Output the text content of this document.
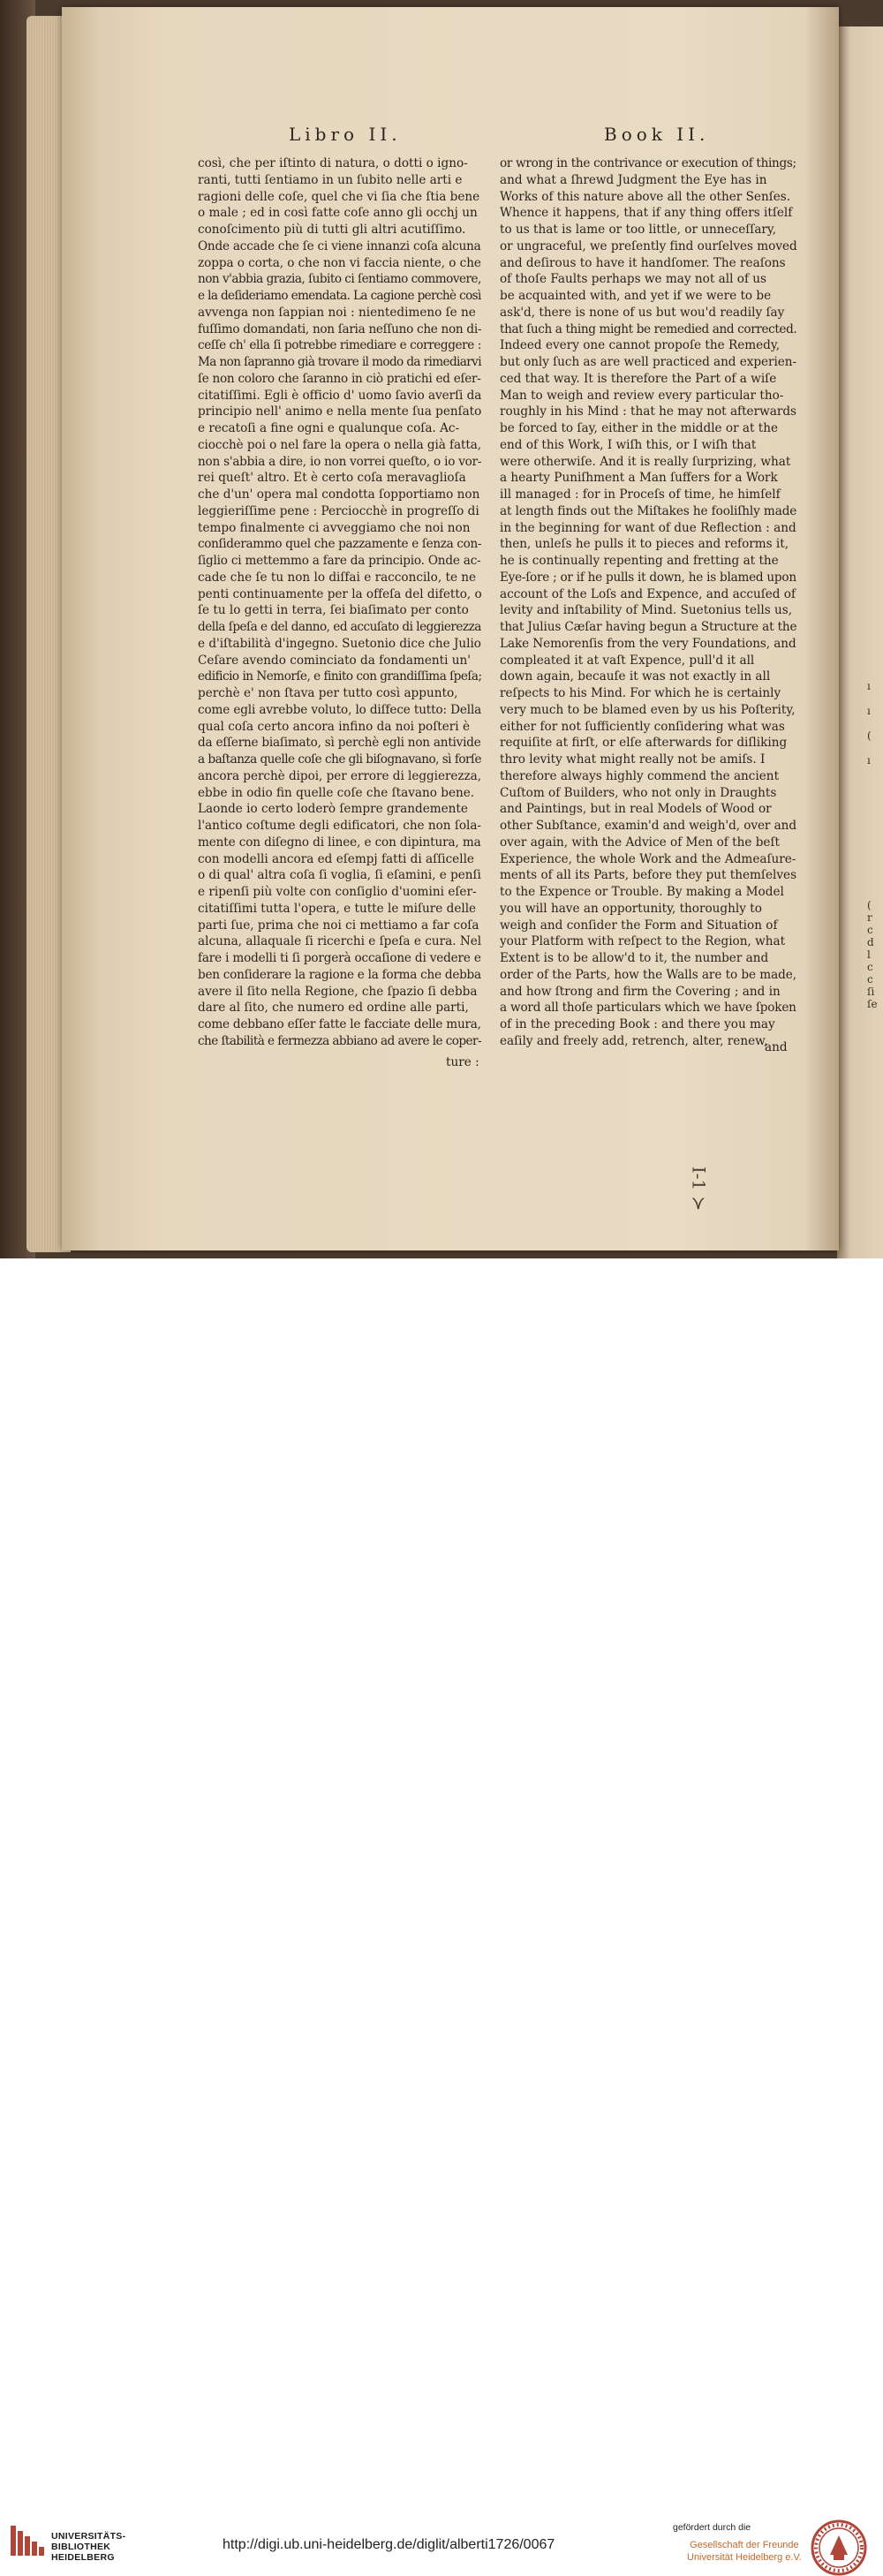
Libro II.	Book II.
così, che per iſtinto di natura, o dotti o igno-
ranti, tutti ſentiamo in un ſubito nelle arti e
ragioni delle coſe, quel che vi ſia che ſtia bene
o male ; ed in così fatte coſe anno gli occhj un
conoſcimento più di tutti gli altri acutiſſimo.
Onde accade che ſe ci viene innanzi coſa alcuna
zoppa o corta, o che non vi faccia niente, o che
non v'abbia grazia, ſubito ci ſentiamo commovere,
e la deſideriamo emendata. La cagione perchè così
avvenga non ſappian noi : nientedimeno ſe ne
fuſſimo domandati, non ſaria neſſuno che non di-
ceſſe ch' ella ſi potrebbe rimediare e correggere :
Ma non ſapranno già trovare il modo da rimediarvi
ſe non coloro che ſaranno in ciò pratichi ed eſer-
citatiſſimi. Egli è officio d' uomo ſavio averſi da
principio nell' animo e nella mente ſua penſato
e recatoſi a fine ogni e qualunque coſa. Ac-
ciocchè poi o nel fare la opera o nella già fatta,
non s'abbia a dire, io non vorrei queſto, o io vor-
rei queſt' altro. Et è certo coſa meravaglioſa
che d'un' opera mal condotta ſopportiamo non
leggieriſſime pene : Perciocchè in progreſſo di
tempo finalmente ci avveggiamo che noi non
conſiderammo quel che pazzamente e ſenza con-
ſiglio ci mettemmo a fare da principio. Onde ac-
cade che ſe tu non lo diſfai e racconcilo, te ne
penti continuamente per la offeſa del difetto, o
ſe tu lo getti in terra, ſei biaſimato per conto
della ſpeſa e del danno, ed accuſato di leggierezza
e d'iſtabilità d'ingegno. Suetonio dice che Julio
Ceſare avendo cominciato da fondamenti un'
edificio in Nemorſe, e finito con grandiſſima ſpeſa;
perchè e' non ſtava per tutto così appunto,
come egli avrebbe voluto, lo diſfece tutto: Della
qual coſa certo ancora infino da noi poſteri è
da eſſerne biaſimato, sì perchè egli non antivide
a baſtanza quelle coſe che gli biſognavano, sì forſe
ancora perchè dipoi, per errore di leggierezza,
ebbe in odio fin quelle coſe che ſtavano bene.
Laonde io certo loderò ſempre grandemente
l'antico coſtume degli edificatori, che non ſola-
mente con diſegno di linee, e con dipintura, ma
con modelli ancora ed eſempj fatti di aſſicelle
o di qual' altra coſa ſi voglia, ſi eſamini, e penſi
e ripenſi più volte con conſiglio d'uomini eſer-
citatiſſimi tutta l'opera, e tutte le miſure delle
parti ſue, prima che noi ci mettiamo a far coſa
alcuna, allaquale ſi ricerchi e ſpeſa e cura. Nel
fare i modelli ti ſi porgerà occaſione di vedere e
ben conſiderare la ragione e la forma che debba
avere il ſito nella Regione, che ſpazio ſi debba
dare al ſito, che numero ed ordine alle parti,
come debbano eſſer fatte le facciate delle mura,
che ſtabilità e fermezza abbiano ad avere le coper-
or wrong in the contrivance or execution of things;
and what a ſhrewd Judgment the Eye has in
Works of this nature above all the other Senſes.
Whence it happens, that if any thing offers itſelf
to us that is lame or too little, or unneceſſary,
or ungraceful, we preſently find ourſelves moved
and deſirous to have it handſomer. The reaſons
of thoſe Faults perhaps we may not all of us
be acquainted with, and yet if we were to be
ask'd, there is none of us but wou'd readily ſay
that ſuch a thing might be remedied and corrected.
Indeed every one cannot propoſe the Remedy,
but only ſuch as are well practiced and experien-
ced that way. It is therefore the Part of a wiſe
Man to weigh and review every particular tho-
roughly in his Mind : that he may not afterwards
be forced to ſay, either in the middle or at the
end of this Work, I wiſh this, or I wiſh that
were otherwiſe. And it is really ſurprizing, what
a hearty Puniſhment a Man ſuffers for a Work
ill managed : for in Proceſs of time, he himſelf
at length finds out the Miſtakes he fooliſhly made
in the beginning for want of due Reflection : and
then, unleſs he pulls it to pieces and reforms it,
he is continually repenting and fretting at the
Eye-ſore ; or if he pulls it down, he is blamed upon
account of the Loſs and Expence, and accuſed of
levity and inſtability of Mind. Suetonius tells us,
that Julius Cæſar having begun a Structure at the
Lake Nemorenſis from the very Foundations, and
compleated it at vaſt Expence, pull'd it all
down again, becauſe it was not exactly in all
reſpects to his Mind. For which he is certainly
very much to be blamed even by us his Poſterity,
either for not ſufficiently conſidering what was
requiſite at firſt, or elſe afterwards for diſliking
thro levity what might really not be amiſs. I
therefore always highly commend the ancient
Cuſtom of Builders, who not only in Draughts
and Paintings, but in real Models of Wood or
other Subſtance, examin'd and weigh'd, over and
over again, with the Advice of Men of the beſt
Experience, the whole Work and the Admeaſure-
ments of all its Parts, before they put themſelves
to the Expence or Trouble. By making a Model
you will have an opportunity, thoroughly to
weigh and conſider the Form and Situation of
your Platform with reſpect to the Region, what
Extent is to be allow'd to it, the number and
order of the Parts, how the Walls are to be made,
and how ſtrong and firm the Covering ; and in
a word all thoſe particulars which we have ſpoken
of in the preceding Book : and there you may
eaſily and freely add, retrench, alter, renew,
ture :
and
I-1 ≻
ı

ı

(

ı
(
r
c
d
l
c
c
ſi
ſe
UNIVERSITÄTS-
BIBLIOTHEK
HEIDELBERG
http://digi.ub.uni-heidelberg.de/diglit/alberti1726/0067
gefördert durch die
Gesellschaft der Freunde
Universität Heidelberg e.V.
